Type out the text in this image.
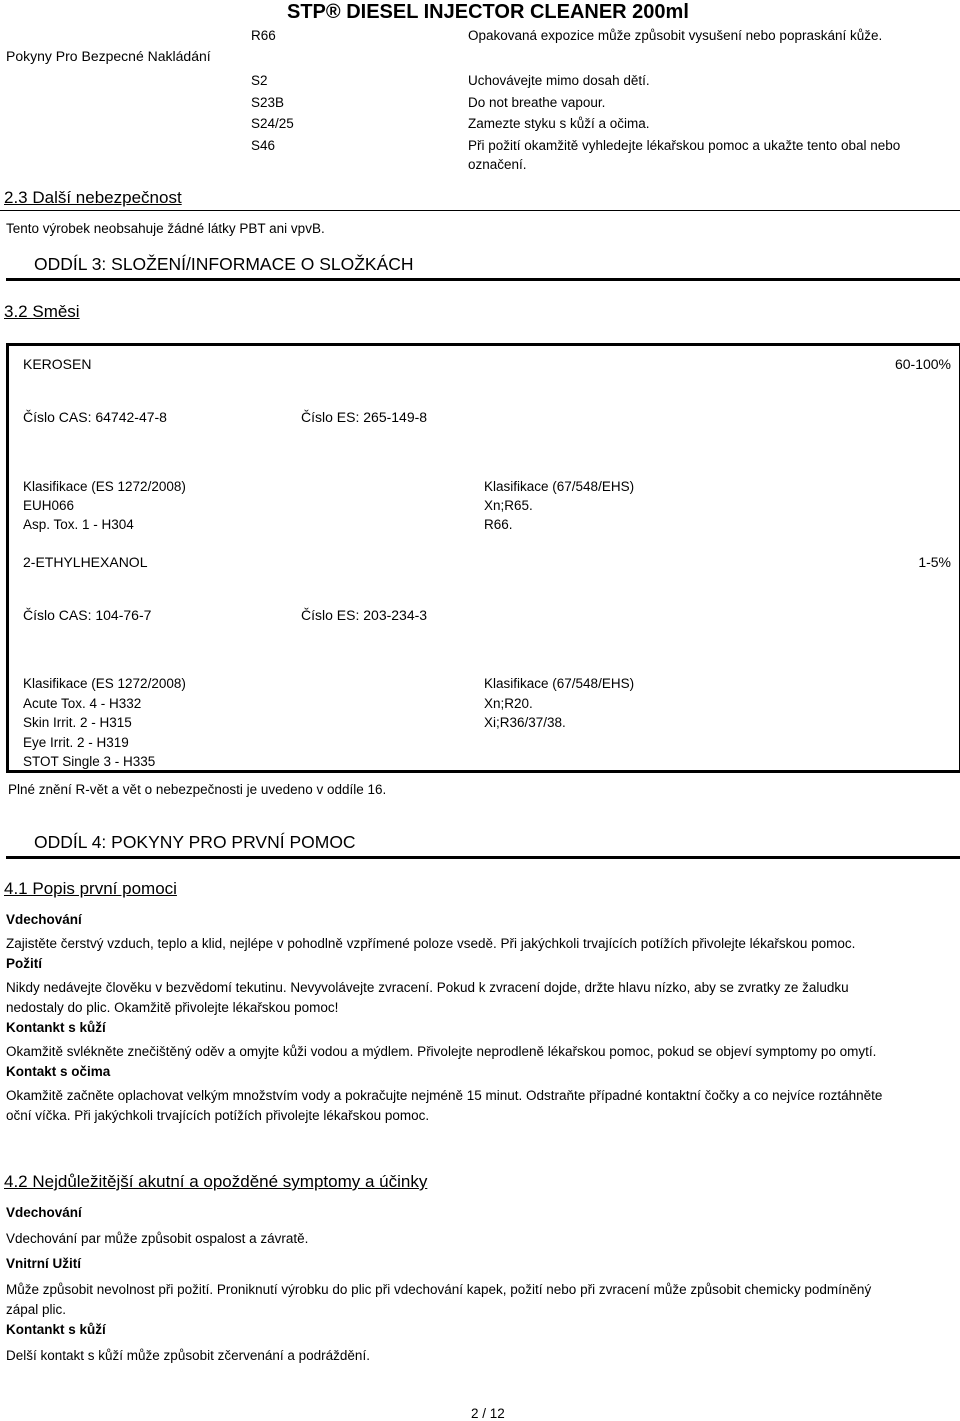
STP® DIESEL INJECTOR CLEANER 200ml
Pokyny Pro Bezpecné Nakládání
R66	Opakovaná expozice může způsobit vysušení nebo popraskání kůže.
S2	Uchovávejte mimo dosah dětí.
S23B	Do not breathe vapour.
S24/25	Zamezte styku s kůží a očima.
S46	Při požití okamžitě vyhledejte lékařskou pomoc a ukažte tento obal nebo
označení.
2.3 Další nebezpečnost
Tento výrobek neobsahuje žádné látky PBT ani vpvB.
ODDÍL 3: SLOŽENÍ/INFORMACE O SLOŽKÁCH
3.2 Směsi
KEROSEN	60-100%
Číslo CAS: 64742-47-8	Číslo ES: 265-149-8
Klasifikace (ES 1272/2008)
EUH066
Asp. Tox. 1 - H304
Klasifikace (67/548/EHS)
Xn;R65.
R66.
2-ETHYLHEXANOL	1-5%
Číslo CAS: 104-76-7	Číslo ES: 203-234-3
Klasifikace (ES 1272/2008)
Acute Tox. 4 - H332
Skin Irrit. 2 - H315
Eye Irrit. 2 - H319
STOT Single 3 - H335
Klasifikace (67/548/EHS)
Xn;R20.
Xi;R36/37/38.
Plné znění R-vět a vět o nebezpečnosti je uvedeno v oddíle 16.
ODDÍL 4: POKYNY PRO PRVNÍ POMOC
4.1 Popis první pomoci
Vdechování
Zajistěte čerstvý vzduch, teplo a klid, nejlépe v pohodlně vzpřímené poloze vsedě. Při jakýchkoli trvajících potížích přivolejte lékařskou pomoc.
Požití
Nikdy nedávejte člověku v bezvědomí tekutinu. Nevyvolávejte zvracení. Pokud k zvracení dojde, držte hlavu nízko, aby se zvratky ze žaludku nedostaly do plic. Okamžitě přivolejte lékařskou pomoc!
Kontankt s kůží
Okamžitě svlékněte znečištěný oděv a omyjte kůži vodou a mýdlem. Přivolejte neprodleně lékařskou pomoc, pokud se objeví symptomy po omytí.
Kontakt s očima
Okamžitě začněte oplachovat velkým množstvím vody a pokračujte nejméně 15 minut. Odstraňte případné kontaktní čočky a co nejvíce roztáhněte oční víčka. Při jakýchkoli trvajících potížích přivolejte lékařskou pomoc.
4.2 Nejdůležitější akutní a opožděné symptomy a účinky
Vdechování
Vdechování par může způsobit ospalost a závratě.
Vnitrní Užití
Může způsobit nevolnost při požití. Proniknutí výrobku do plic při vdechování kapek, požití nebo při zvracení může způsobit chemicky podmíněný zápal plic.
Kontankt s kůží
Delší kontakt s kůží může způsobit zčervenání a podráždění.
2 / 12
